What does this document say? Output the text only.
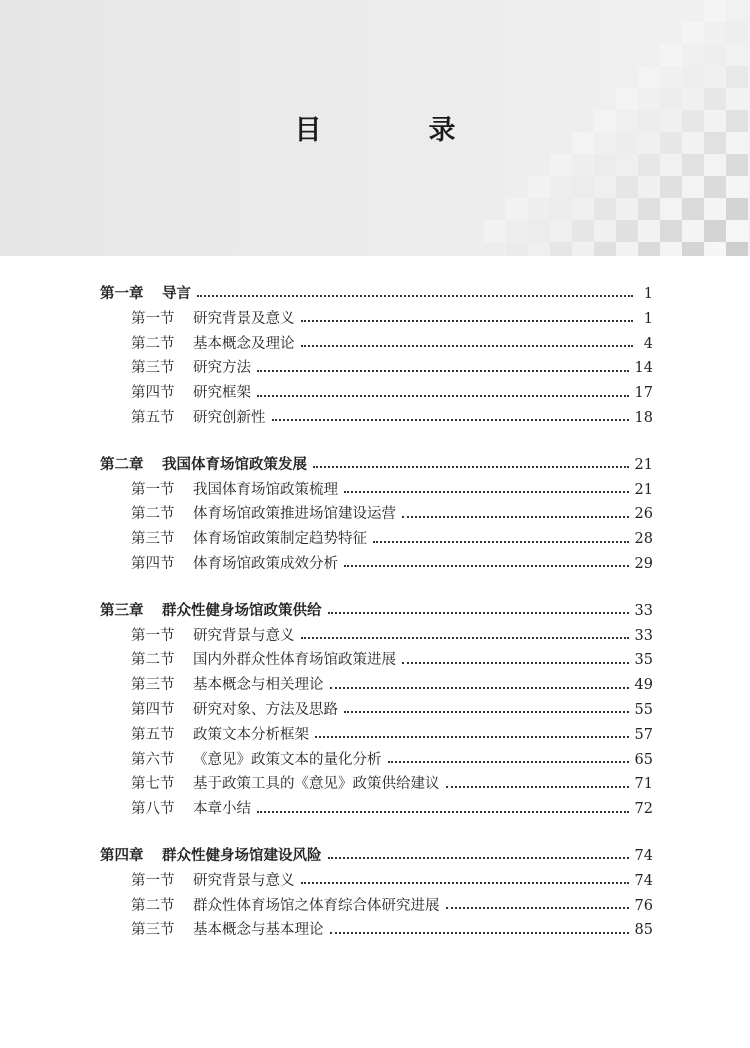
目　录
第一章	导言	1
第一节	研究背景及意义	1
第二节	基本概念及理论	4
第三节	研究方法	14
第四节	研究框架	17
第五节	研究创新性	18
第二章	我国体育场馆政策发展	21
第一节	我国体育场馆政策梳理	21
第二节	体育场馆政策推进场馆建设运营	26
第三节	体育场馆政策制定趋势特征	28
第四节	体育场馆政策成效分析	29
第三章	群众性健身场馆政策供给	33
第一节	研究背景与意义	33
第二节	国内外群众性体育场馆政策进展	35
第三节	基本概念与相关理论	49
第四节	研究对象、方法及思路	55
第五节	政策文本分析框架	57
第六节	《意见》政策文本的量化分析	65
第七节	基于政策工具的《意见》政策供给建议	71
第八节	本章小结	72
第四章	群众性健身场馆建设风险	74
第一节	研究背景与意义	74
第二节	群众性体育场馆之体育综合体研究进展	76
第三节	基本概念与基本理论	85
